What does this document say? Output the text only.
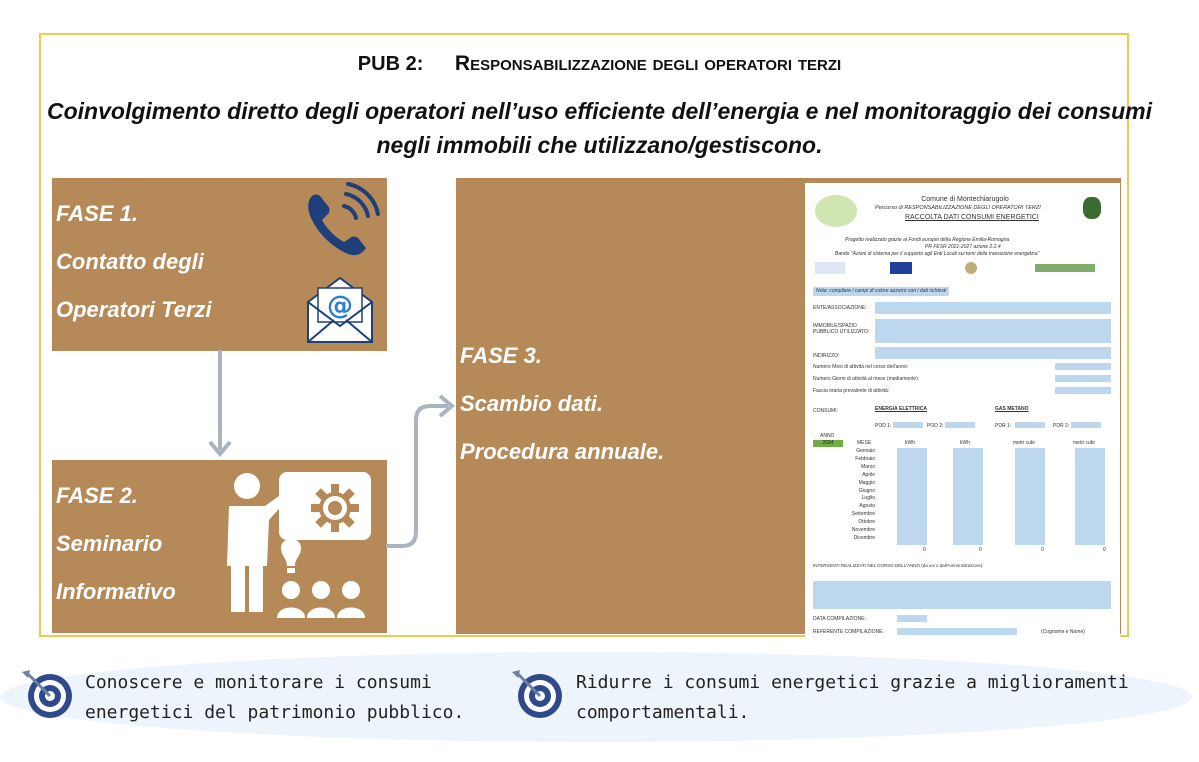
PUB 2: Responsabilizzazione degli operatori terzi
Coinvolgimento diretto degli operatori nell’uso efficiente dell’energia e nel monitoraggio dei consumi
negli immobili che utilizzano/gestiscono.
FASE 1.
Contatto degli
Operatori Terzi	@
FASE 2.
Seminario
Informativo
FASE 3.
Scambio dati.
Procedura annuale.
Comune di Montechiarugolo
Percorso di RESPONSABILIZZAZIONE DEGLI OPERATORI TERZI
RACCOLTA DATI CONSUMI ENERGETICI
Progetto realizzato grazie ai Fondi europei della Regione Emilia-Romagna
PR FESR 2021-2027 azione 2.2.4
Bando "Azioni di sistema per il supporto agli Enti Locali sui temi della transizione energetica"
Nota: compilare i campi di colore azzurro con i dati richiesti
ENTE/ASSOCIAZIONE:
IMMOBILE/SPAZIO PUBBLICO UTILIZZATO:
INDIRIZZO:
Numero Mesi di attività nel corso dell'anno:
Numero Giorni di attività al mese (mediamente):
Fascia oraria prevalente di attività:
CONSUMI:	ENERGIA ELETTRICA	GAS METANO
POD 1:	POD 2:	PDR 1:	PDR 2:
ANNO
2024	MESE	kWh	kWh	metri cubi	metri cubi
Gennaio
Febbraio
Marzo
Aprile
Maggio
Giugno
Luglio
Agosto
Settembre
Ottobre
Novembre
Dicembre
0	0	0	0
INTERVENTI REALIZZATI NEL CORSO DELL'ANNO (da voi o dall'Amministrazione):
DATA COMPILAZIONE:
REFERENTE COMPILAZIONE:	(Cognome e Nome)
Conoscere e monitorare i consumi
energetici del patrimonio pubblico.
Ridurre i consumi energetici grazie a miglioramenti
comportamentali.
